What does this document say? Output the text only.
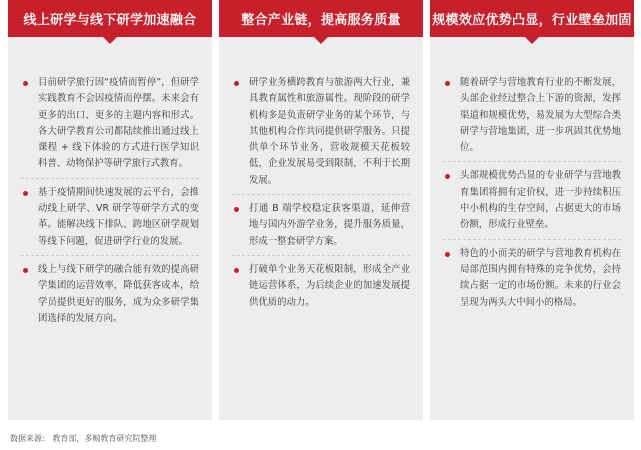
线上研学与线下研学加速融合
目前研学旅行因“疫情而暂停”，但研学实践教育不会因疫情而停摆。未来会有更多的出口、更多的主题内容和形式。各大研学教育公司都陆续推出通过线上课程 + 线下体验的方式进行医学知识科普、动物保护等研学旅行式教育。
基于疫情期间快速发展的云平台，会推动线上研学、VR 研学等研学方式的变革。能解决线下排队、跨地区研学规划等线下问题，促进研学行业的发展。
线上与线下研学的融合能有效的提高研学集团的运营效率，降低获客成本，给学员提供更好的服务，成为众多研学集团选择的发展方向。
整合产业链，提高服务质量
研学业务横跨教育与旅游两大行业，兼具教育属性和旅游属性。现阶段的研学机构多是负责研学业务的某个环节，与其他机构合作共同提供研学服务。只提供单个环节业务，营收规模天花板较低，企业发展易受到限制，不利于长期发展。
打通 B 端学校稳定获客渠道，延伸营地与国内外游学业务，提升服务质量，形成一整套研学方案。
打破单个业务天花板限制，形成全产业链运营体系，为后续企业的加速发展提供优质的动力。
规模效应优势凸显，行业壁垒加固
随着研学与营地教育行业的不断发展，头部企业经过整合上下游的资源，发挥渠道和规模优势，易发展为大型综合类研学与营地集团，进一步巩固其优势地位。
头部规模优势凸显的专业研学与营地教育集团将拥有定价权，进一步持续积压中小机构的生存空间，占据更大的市场份额，形成行业壁垒。
特色的小而美的研学与营地教育机构在局部范围内拥有特殊的竞争优势，会持续占据一定的市场份额。未来的行业会呈现为两头大中间小的格局。
数据来源： 教育部，多鲸教育研究院整理
